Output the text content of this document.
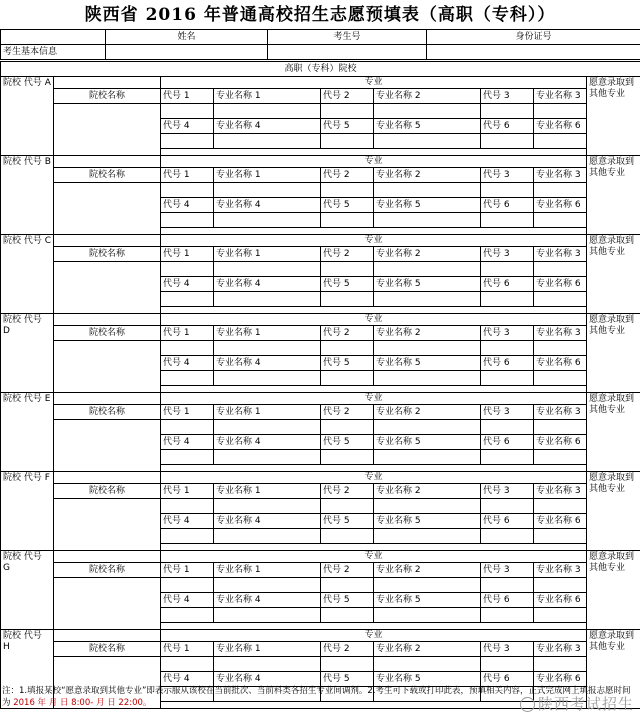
陕西省 2016 年普通高校招生志愿预填表（高职（专科））
	姓名	考生号	身份证号
考生基本信息			
高职（专科）院校								
院校 代号 A		专业						愿意录取到其他专业
	院校名称	代号 1	专业名称 1	代号 2	专业名称 2	代号 3	专业名称 3	

		代号 4	专业名称 4	代号 5	专业名称 5	代号 6	专业名称 6	

院校 代号 B		专业						愿意录取到其他专业
	院校名称	代号 1	专业名称 1	代号 2	专业名称 2	代号 3	专业名称 3	

		代号 4	专业名称 4	代号 5	专业名称 5	代号 6	专业名称 6	

院校 代号 C		专业						愿意录取到其他专业
	院校名称	代号 1	专业名称 1	代号 2	专业名称 2	代号 3	专业名称 3	

		代号 4	专业名称 4	代号 5	专业名称 5	代号 6	专业名称 6	

院校 代号 D		专业						愿意录取到其他专业
	院校名称	代号 1	专业名称 1	代号 2	专业名称 2	代号 3	专业名称 3	

		代号 4	专业名称 4	代号 5	专业名称 5	代号 6	专业名称 6	

院校 代号 E		专业						愿意录取到其他专业
	院校名称	代号 1	专业名称 1	代号 2	专业名称 2	代号 3	专业名称 3	

		代号 4	专业名称 4	代号 5	专业名称 5	代号 6	专业名称 6	

院校 代号 F		专业						愿意录取到其他专业
	院校名称	代号 1	专业名称 1	代号 2	专业名称 2	代号 3	专业名称 3	

		代号 4	专业名称 4	代号 5	专业名称 5	代号 6	专业名称 6	

院校 代号 G		专业						愿意录取到其他专业
	院校名称	代号 1	专业名称 1	代号 2	专业名称 2	代号 3	专业名称 3	

		代号 4	专业名称 4	代号 5	专业名称 5	代号 6	专业名称 6	

院校 代号 H		专业						愿意录取到其他专业
	院校名称	代号 1	专业名称 1	代号 2	专业名称 2	代号 3	专业名称 3	

		代号 4	专业名称 4	代号 5	专业名称 5	代号 6	专业名称 6	

注：1.填报某校“愿意录取到其他专业”即表示服从该校在当前批次、当前科类各招生专业间调剂。2.考生可下载或打印此表，预填相关内容，正式完成网上填报志愿时间为 2016 年 月 日 8:00- 月 日 22:00。	陕西考试招生
